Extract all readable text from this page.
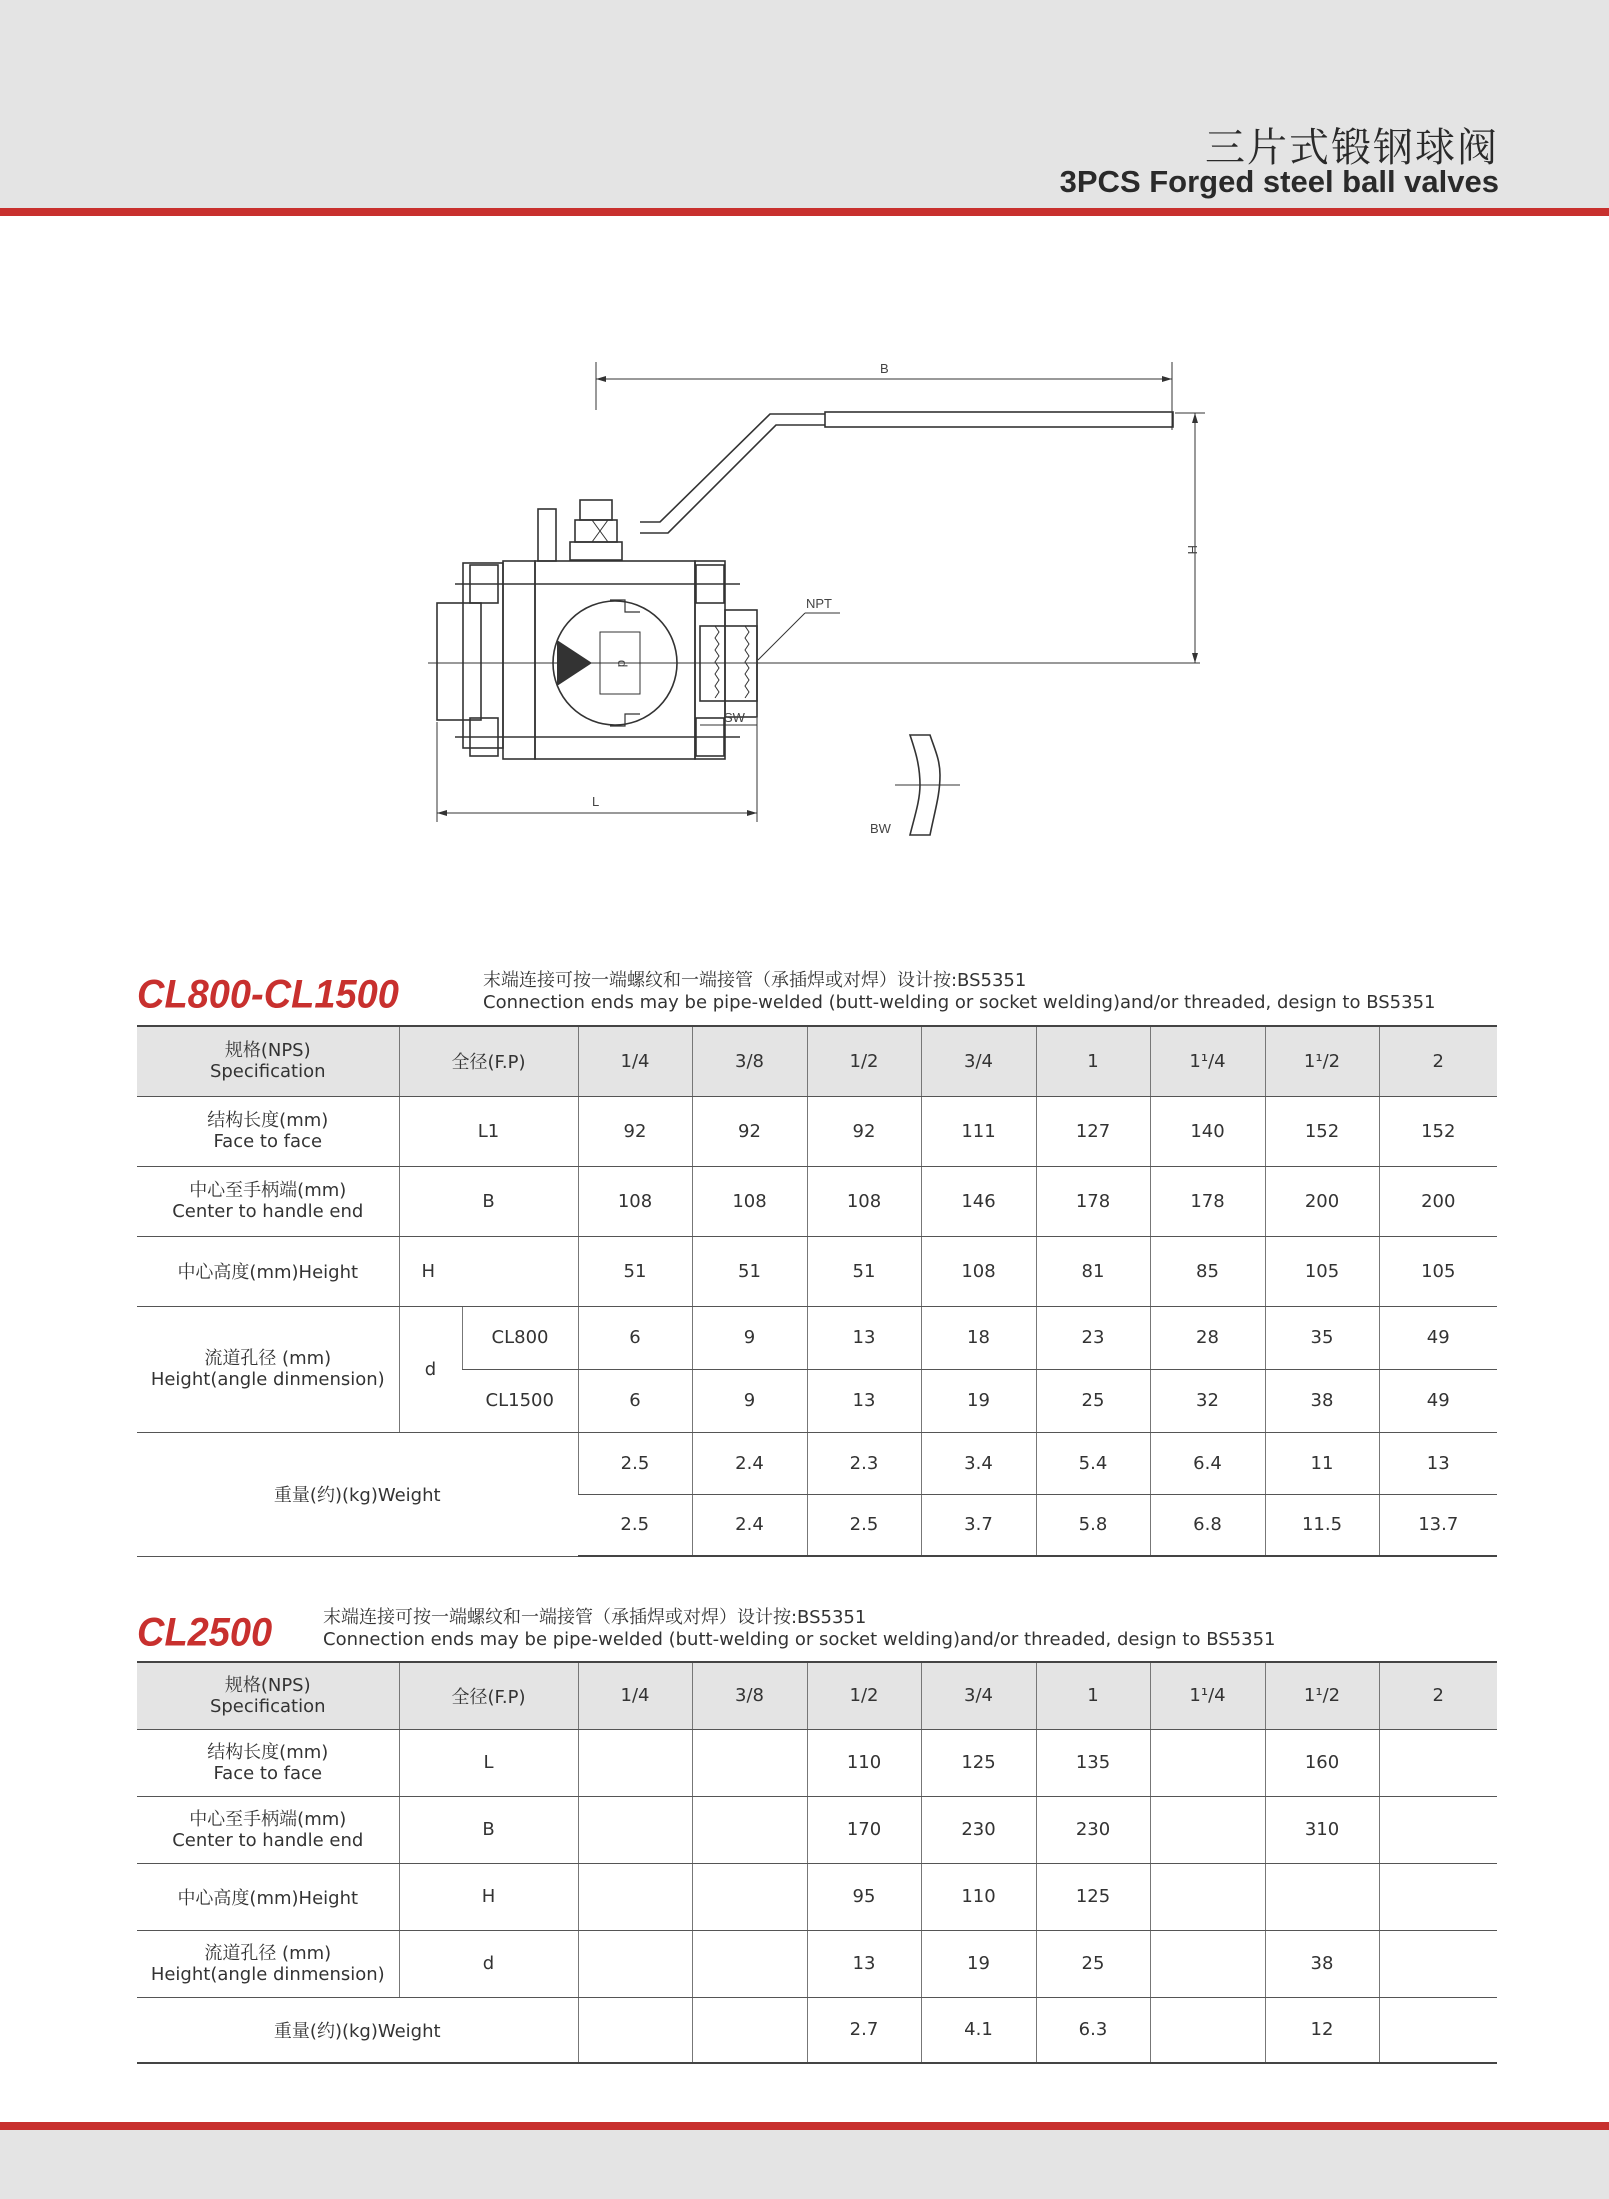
三片式锻钢球阀
3PCS Forged steel ball valves
B
H
NPT
SW
d
L
BW
CL800-CL1500	末端连接可按一端螺纹和一端接管（承插焊或对焊）设计按:BS5351
Connection ends may be pipe-welded (butt-welding or socket welding)and/or threaded, design to BS5351
规格(NPS)
Specification	全径(F.P)		1/4	3/8	1/2	3/4	1	1¹/4	1¹/2	2
结构长度(mm)
Face to face	L1		92	92	92	111	127	140	152	152
中心至手柄端(mm)
Center to handle end	B		108	108	108	146	178	178	200	200
中心高度(mm)Height	H		51	51	51	108	81	85	105	105
流道孔径 (mm)
Height(angle dinmension)	d	CL800	6	9	13	18	23	28	35	49
		CL1500	6	9	13	19	25	32	38	49
重量(约)(kg)Weight			2.5	2.4	2.3	3.4	5.4	6.4	11	13
			2.5	2.4	2.5	3.7	5.8	6.8	11.5	13.7
CL2500	末端连接可按一端螺纹和一端接管（承插焊或对焊）设计按:BS5351
Connection ends may be pipe-welded (butt-welding or socket welding)and/or threaded, design to BS5351
规格(NPS)
Specification	全径(F.P)	1/4	3/8	1/2	3/4	1	1¹/4	1¹/2	2
结构长度(mm)
Face to face	L			110	125	135		160	
中心至手柄端(mm)
Center to handle end	B			170	230	230		310	
中心高度(mm)Height	H			95	110	125			
流道孔径 (mm)
Height(angle dinmension)	d			13	19	25		38	
重量(约)(kg)Weight				2.7	4.1	6.3		12	
